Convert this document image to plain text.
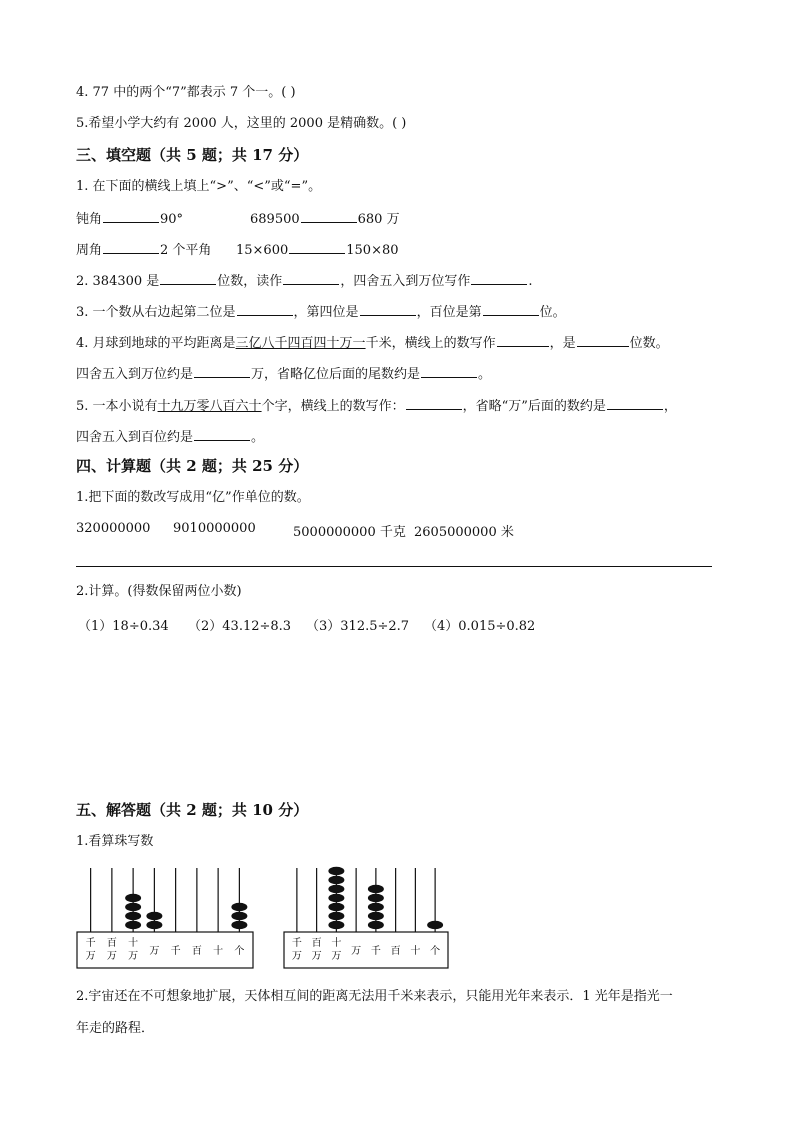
4. 77 中的两个“7”都表示 7 个一。( )
5.希望小学大约有 2000 人，这里的 2000 是精确数。( )
三、填空题（共 5 题；共 17 分）
1. 在下面的横线上填上“>”、“<”或“=”。
钝角	90°	689500	680 万
周角	2 个平角 15×600	150×80
2. 384300 是	位数，读作	，四舍五入到万位写作	.
3. 一个数从右边起第二位是	，第四位是	，百位是第	位。
4. 月球到地球的平均距离是三亿八千四百四十万一千米，横线上的数写作	，是	位数。
四舍五入到万位约是	万，省略亿位后面的尾数约是	。
5. 一本小说有十九万零八百六十个字，横线上的数写作：	，省略“万”后面的数约是	，
四舍五入到百位约是	。
四、计算题（共 2 题；共 25 分）
1.把下面的数改写成用“亿”作单位的数。
320000000 9010000000	5000000000 千克 2605000000 米
2.计算。(得数保留两位小数)
（1）18÷0.34 （2）43.12÷8.3 （3）312.5÷2.7 （4）0.015÷0.82
五、解答题（共 2 题；共 10 分）
1.看算珠写数
千
万
百
万
十
万 万 千 百 十 个
千
万
百
万
十
万 万 千 百 十 个
2.宇宙还在不可想象地扩展，天体相互间的距离无法用千米来表示，只能用光年来表示．1 光年是指光一
年走的路程．
